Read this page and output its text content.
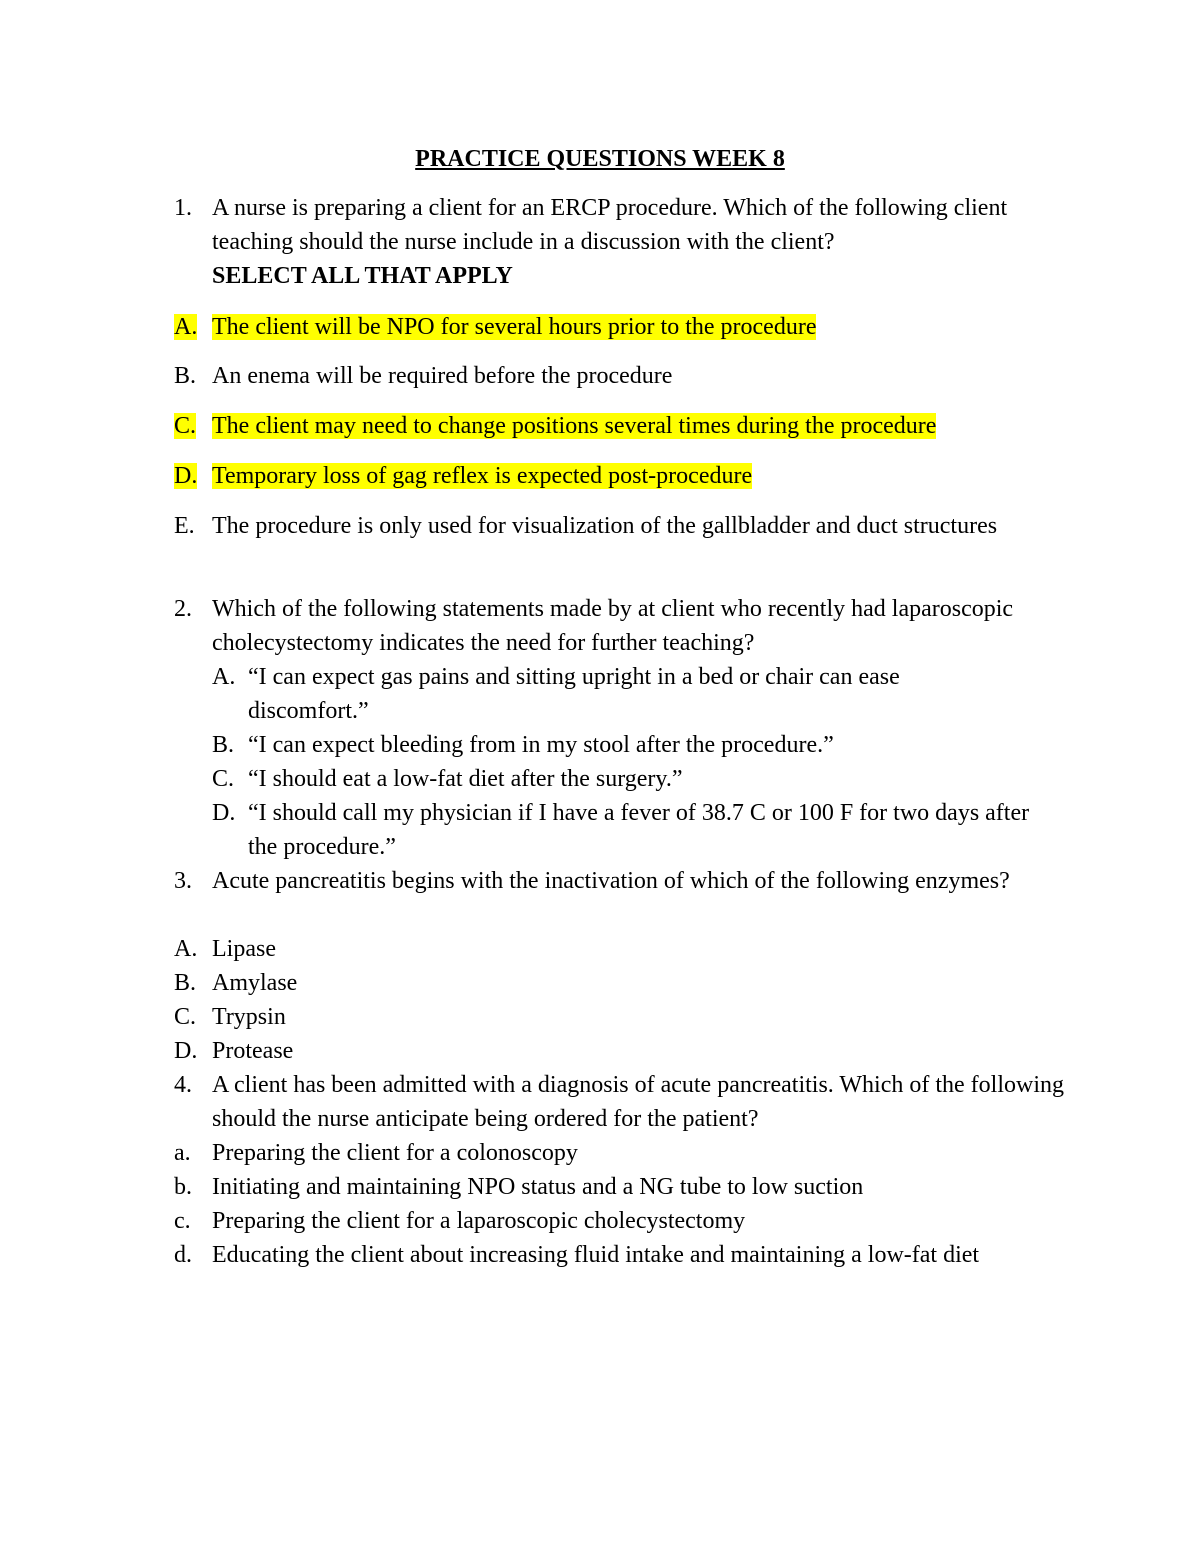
PRACTICE QUESTIONS WEEK 8
1. A nurse is preparing a client for an ERCP procedure. Which of the following client teaching should the nurse include in a discussion with the client?
SELECT ALL THAT APPLY
A. The client will be NPO for several hours prior to the procedure
B. An enema will be required before the procedure
C. The client may need to change positions several times during the procedure
D. Temporary loss of gag reflex is expected post-procedure
E. The procedure is only used for visualization of the gallbladder and duct structures
2. Which of the following statements made by at client who recently had laparoscopic cholecystectomy indicates the need for further teaching?
A. “I can expect gas pains and sitting upright in a bed or chair can ease discomfort.”
B. “I can expect bleeding from in my stool after the procedure.”
C. “I should eat a low-fat diet after the surgery.”
D. “I should call my physician if I have a fever of 38.7 C or 100 F for two days after the procedure.”
3. Acute pancreatitis begins with the inactivation of which of the following enzymes?
A. Lipase
B. Amylase
C. Trypsin
D. Protease
4. A client has been admitted with a diagnosis of acute pancreatitis. Which of the following should the nurse anticipate being ordered for the patient?
a. Preparing the client for a colonoscopy
b. Initiating and maintaining NPO status and a NG tube to low suction
c. Preparing the client for a laparoscopic cholecystectomy
d. Educating the client about increasing fluid intake and maintaining a low-fat diet
